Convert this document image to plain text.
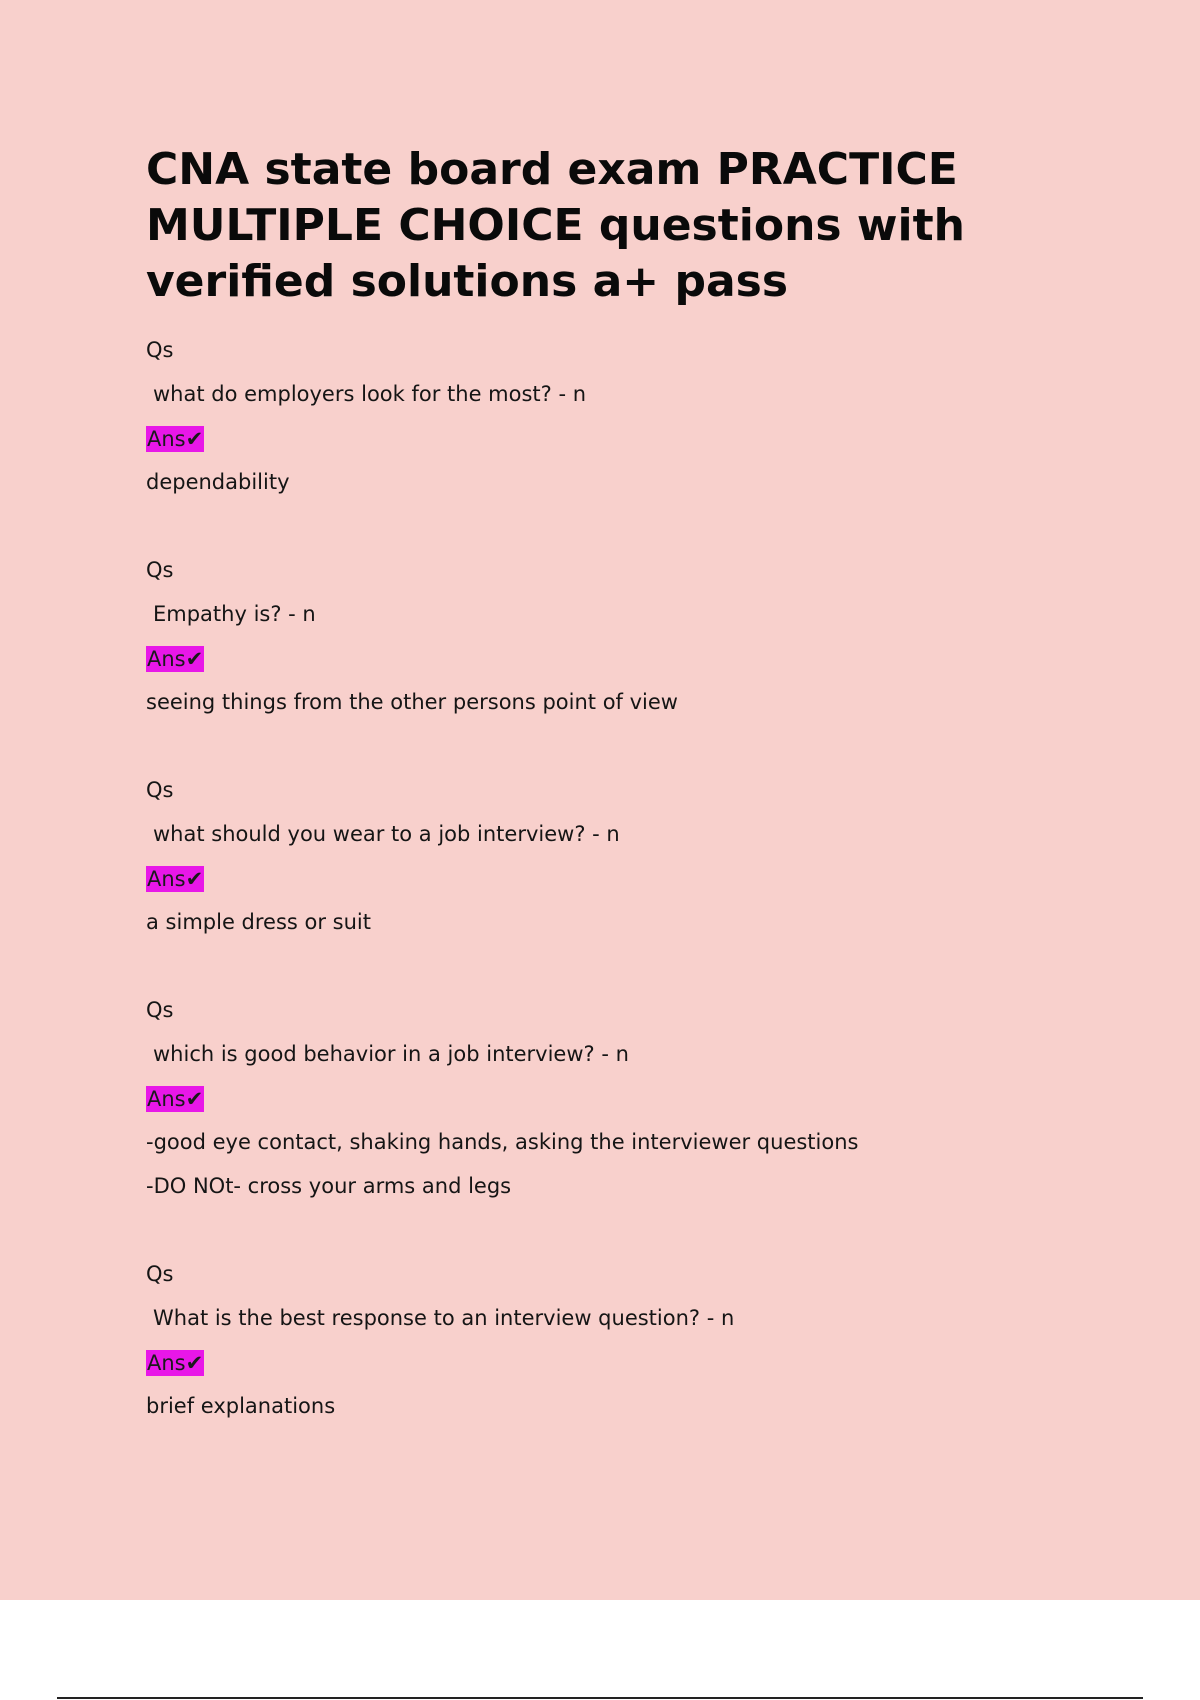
CNA state board exam PRACTICE MULTIPLE CHOICE questions with verified solutions a+ pass
Qs
what do employers look for the most? - n
Ans✔
dependability
Qs
Empathy is? - n
Ans✔
seeing things from the other persons point of view
Qs
what should you wear to a job interview? - n
Ans✔
a simple dress or suit
Qs
which is good behavior in a job interview? - n
Ans✔
-good eye contact, shaking hands, asking the interviewer questions
-DO NOt- cross your arms and legs
Qs
What is the best response to an interview question? - n
Ans✔
brief explanations
